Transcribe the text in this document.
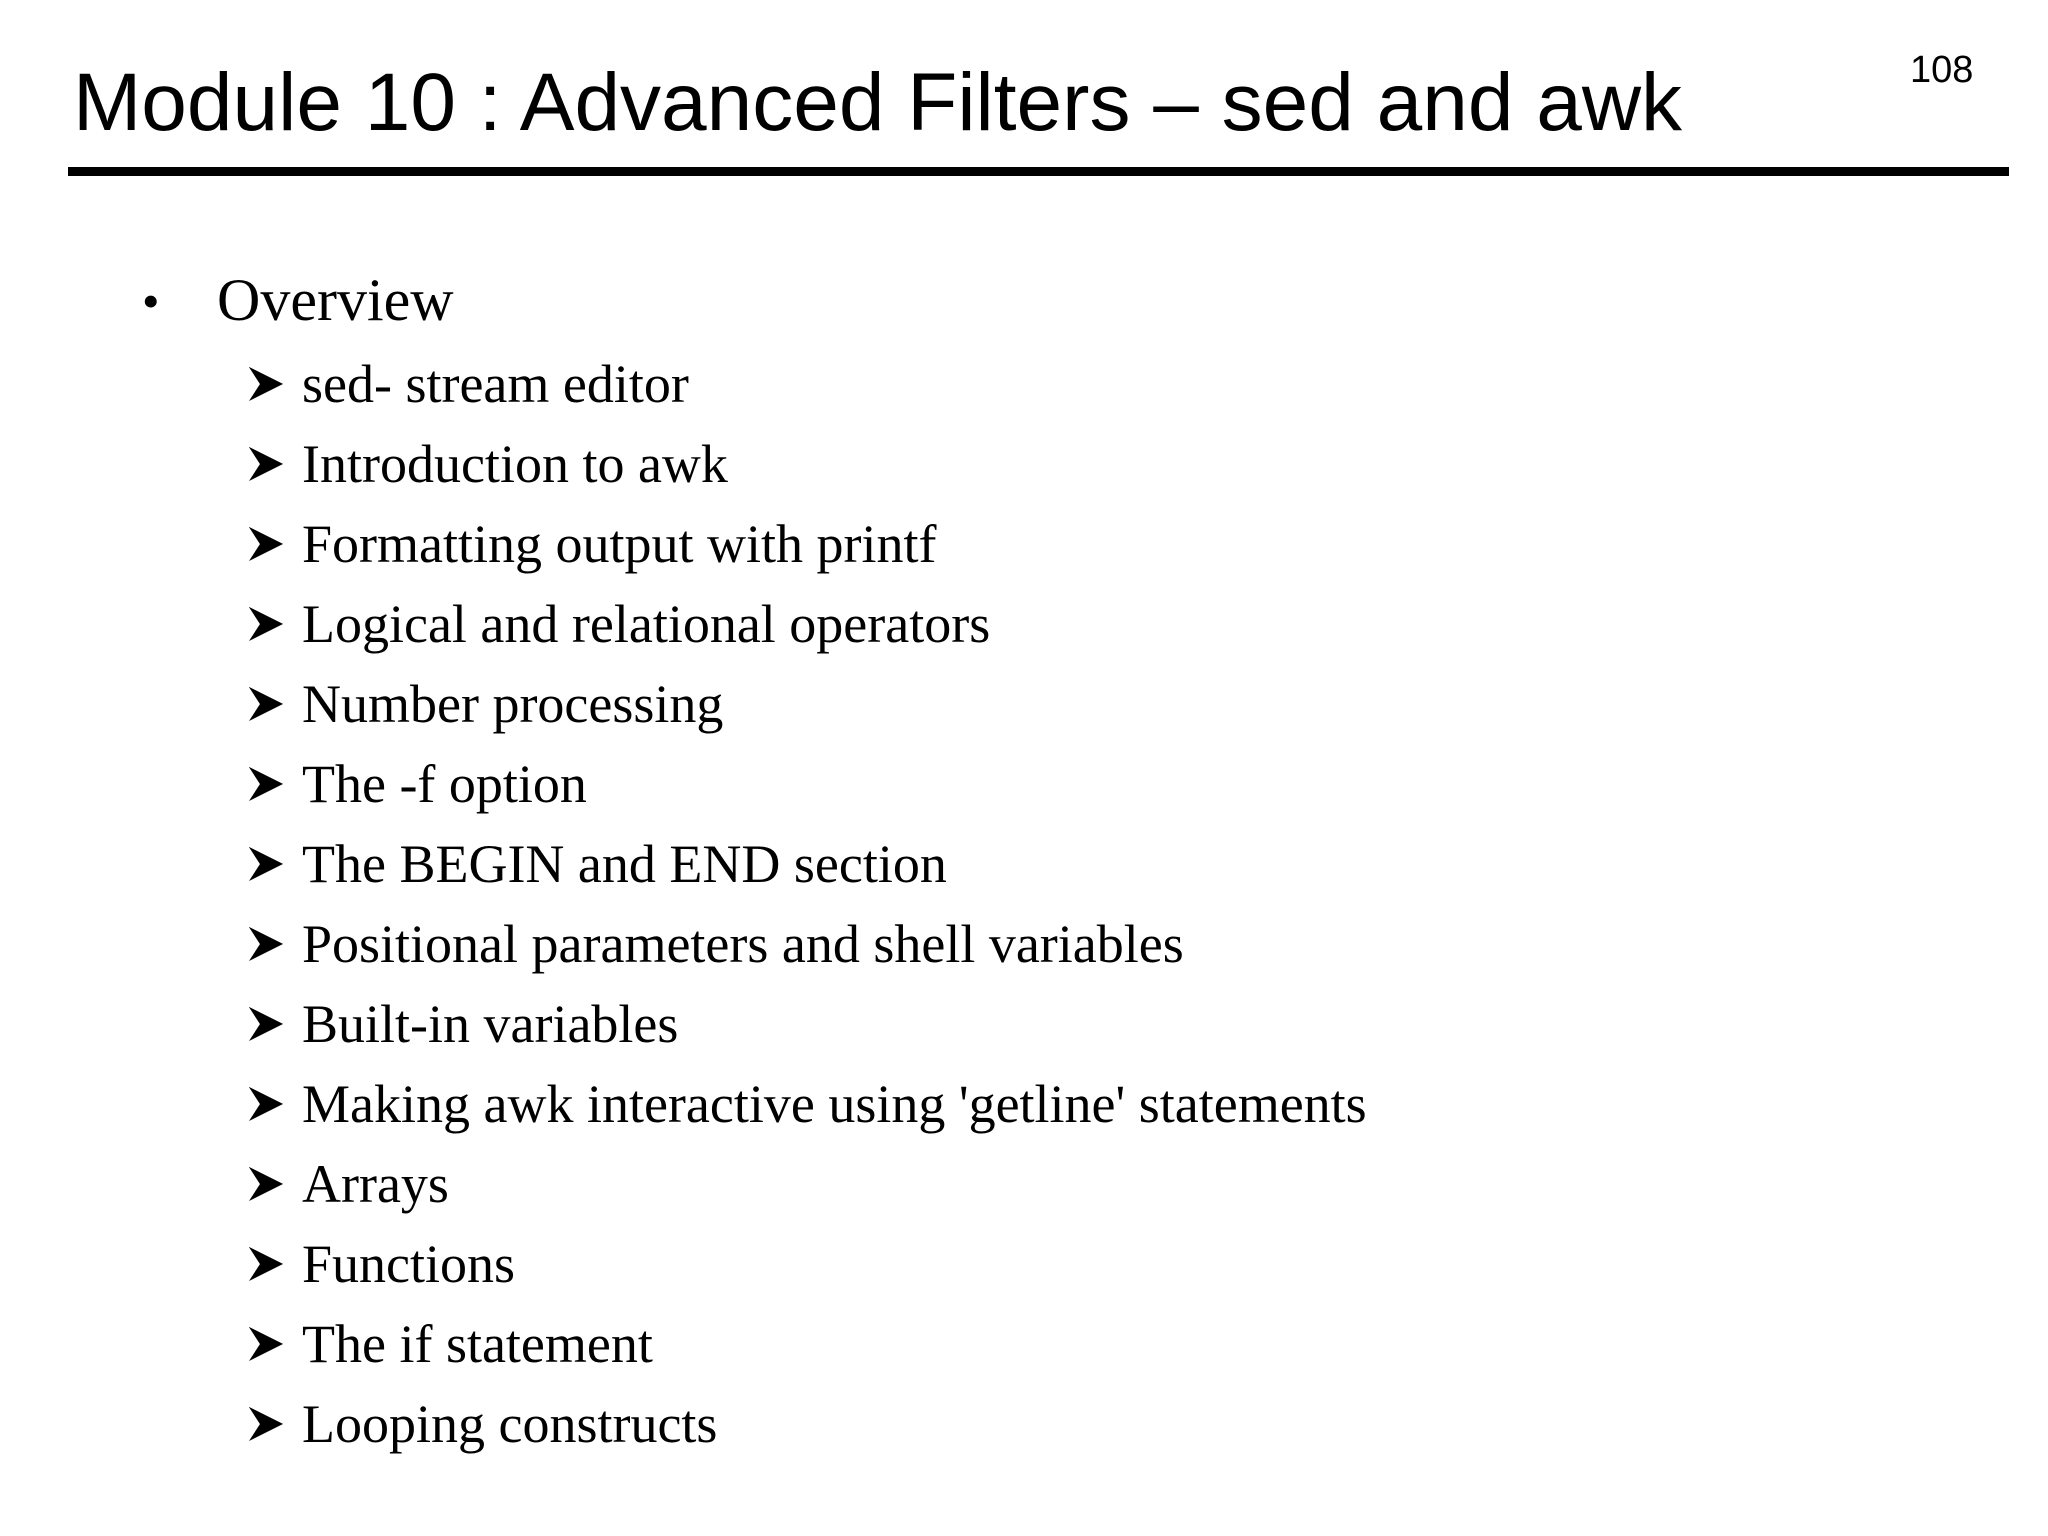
Module 10 : Advanced Filters – sed and awk	108
• Overview
sed- stream editor
Introduction to awk
Formatting output with printf
Logical and relational operators
Number processing
The -f option
The BEGIN and END section
Positional parameters and shell variables
Built-in variables
Making awk interactive using 'getline' statements
Arrays
Functions
The if statement
Looping constructs
